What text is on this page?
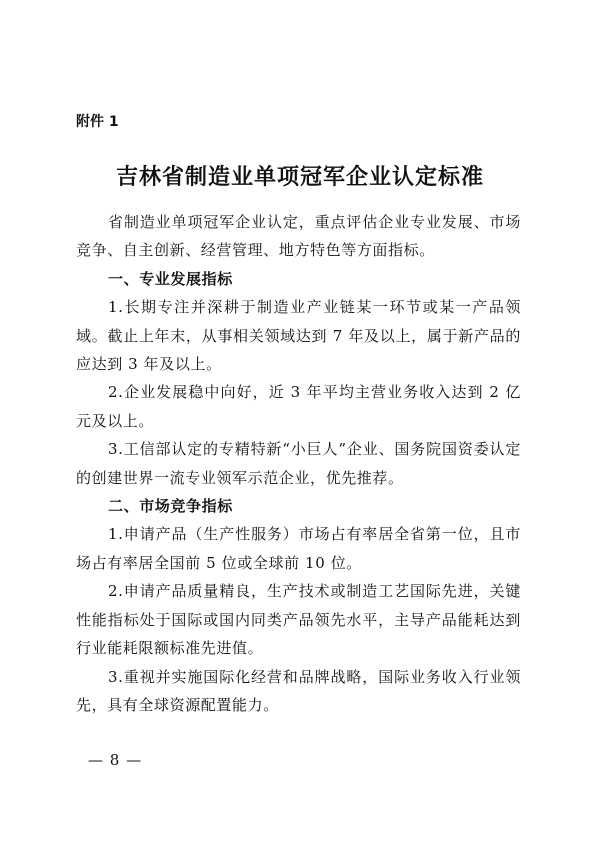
附件 1
吉林省制造业单项冠军企业认定标准

省制造业单项冠军企业认定，重点评估企业专业发展、市场竞争、自主创新、经营管理、地方特色等方面指标。

一、专业发展指标

1.长期专注并深耕于制造业产业链某一环节或某一产品领域。截止上年末，从事相关领域达到 7 年及以上，属于新产品的应达到 3 年及以上。

2.企业发展稳中向好，近 3 年平均主营业务收入达到 2 亿元及以上。

3.工信部认定的专精特新“小巨人”企业、国务院国资委认定的创建世界一流专业领军示范企业，优先推荐。

二、市场竞争指标

1.申请产品（生产性服务）市场占有率居全省第一位，且市场占有率居全国前 5 位或全球前 10 位。

2.申请产品质量精良，生产技术或制造工艺国际先进，关键性能指标处于国际或国内同类产品领先水平，主导产品能耗达到行业能耗限额标准先进值。

3.重视并实施国际化经营和品牌战略，国际业务收入行业领先，具有全球资源配置能力。

— 8 —
